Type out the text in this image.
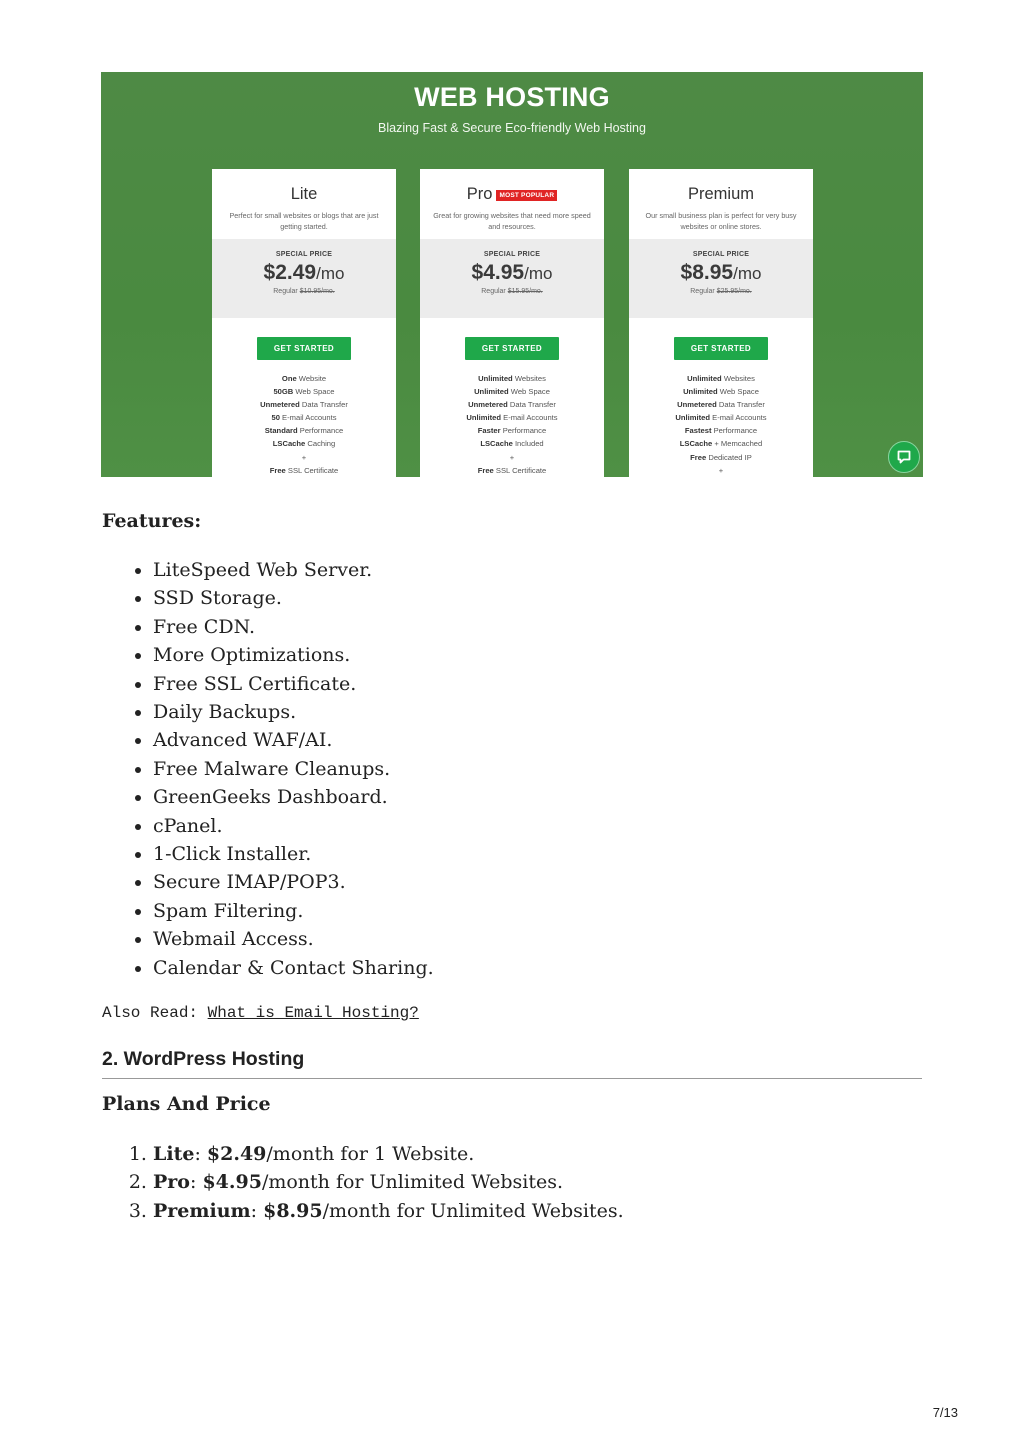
WEB HOSTING
Blazing Fast & Secure Eco-friendly Web Hosting
Lite
Perfect for small websites or blogs that are just getting started.
SPECIAL PRICE
$2.49/mo
Regular $10.95/mo.
GET STARTED
One Website
50GB Web Space
Unmetered Data Transfer
50 E-mail Accounts
Standard Performance
LSCache Caching
+
Free SSL Certificate
Pro MOST POPULAR
Great for growing websites that need more speed and resources.
SPECIAL PRICE
$4.95/mo
Regular $15.95/mo.
GET STARTED
Unlimited Websites
Unlimited Web Space
Unmetered Data Transfer
Unlimited E-mail Accounts
Faster Performance
LSCache Included
+
Free SSL Certificate
Premium
Our small business plan is perfect for very busy websites or online stores.
SPECIAL PRICE
$8.95/mo
Regular $25.95/mo.
GET STARTED
Unlimited Websites
Unlimited Web Space
Unmetered Data Transfer
Unlimited E-mail Accounts
Fastest Performance
LSCache + Memcached
Free Dedicated IP
+
Features:
• LiteSpeed Web Server.
• SSD Storage.
• Free CDN.
• More Optimizations.
• Free SSL Certificate.
• Daily Backups.
• Advanced WAF/AI.
• Free Malware Cleanups.
• GreenGeeks Dashboard.
• cPanel.
• 1-Click Installer.
• Secure IMAP/POP3.
• Spam Filtering.
• Webmail Access.
• Calendar & Contact Sharing.
Also Read: What is Email Hosting?
2. WordPress Hosting
Plans And Price
1. Lite: $2.49/month for 1 Website.
2. Pro: $4.95/month for Unlimited Websites.
3. Premium: $8.95/month for Unlimited Websites.
7/13
